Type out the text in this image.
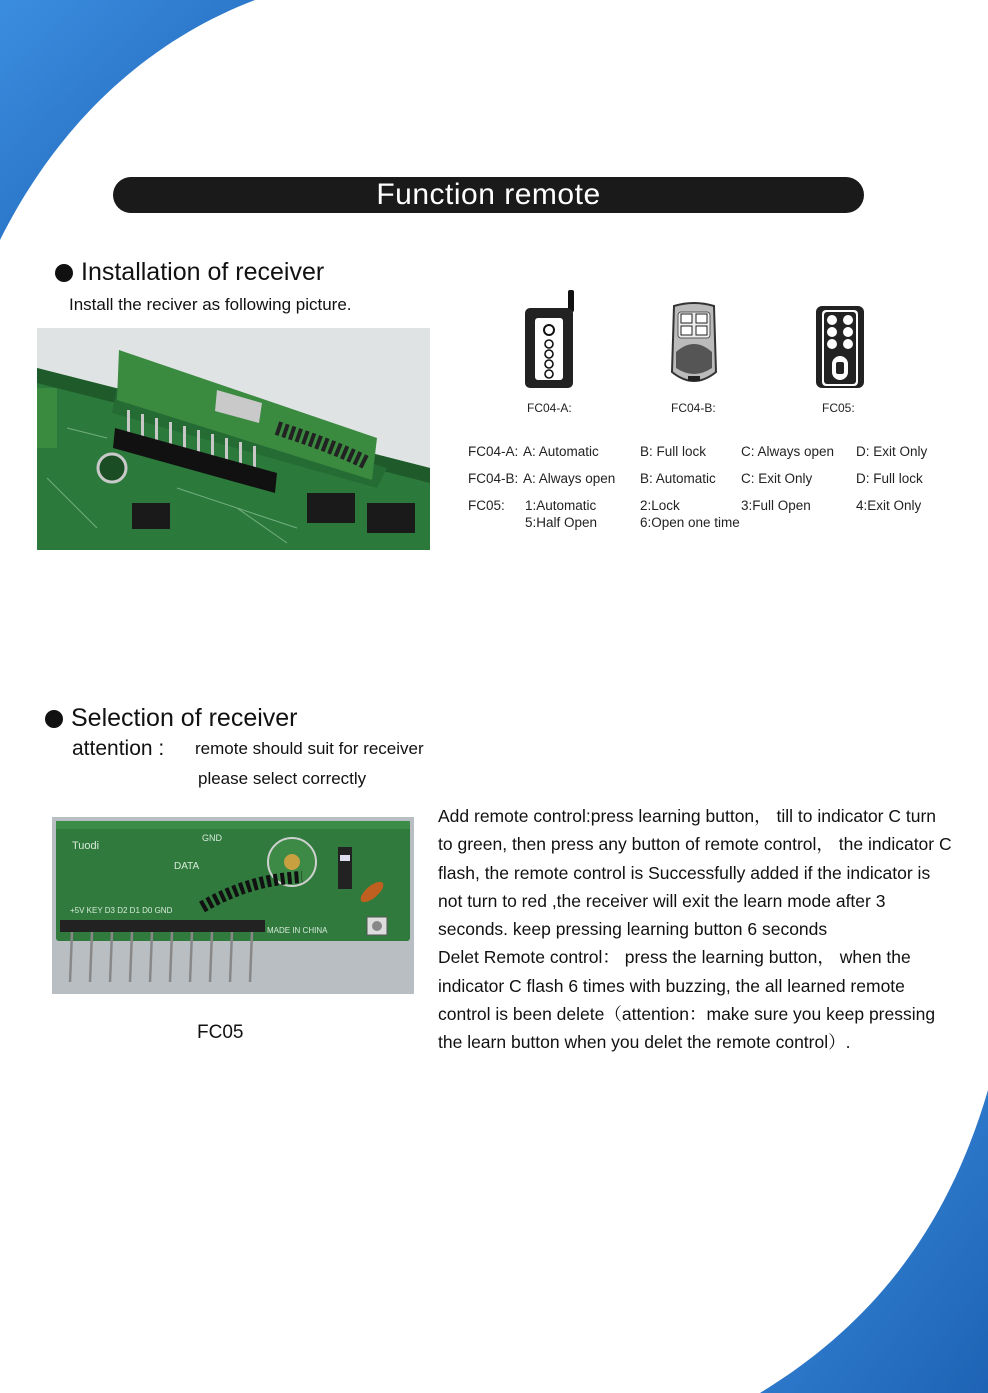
Function remote
Installation of receiver
Install the reciver as following picture.
FC04-A:	FC04-B:	FC05:
FC04-A: A: Automatic	B: Full lock	C: Always open D: Exit Only
FC04-B: A: Always open B: Automatic C: Exit Only	D: Full lock
FC05: 1:Automatic	2:Lock	3:Full Open	4:Exit Only
5:Half Open	6:Open one time
Selection of receiver
attention : remote should suit for receiver
please select correctly
Tuodi
GND
DATA
+5V KEY D3 D2 D1 D0 GND
MADE IN CHINA
FC05

Add remote control:press learning button， till to indicator C turn to green, then press any button of remote control， the indicator C flash, the remote control is Successfully added if the indicator is not turn to red ,the receiver will exit the learn mode after 3 seconds. keep pressing learning button 6 seconds

Delet Remote control： press the learning button， when the indicator C flash 6 times with buzzing, the all learned remote control is been delete（attention：make sure you keep pressing the learn button when you delet the remote control）.
